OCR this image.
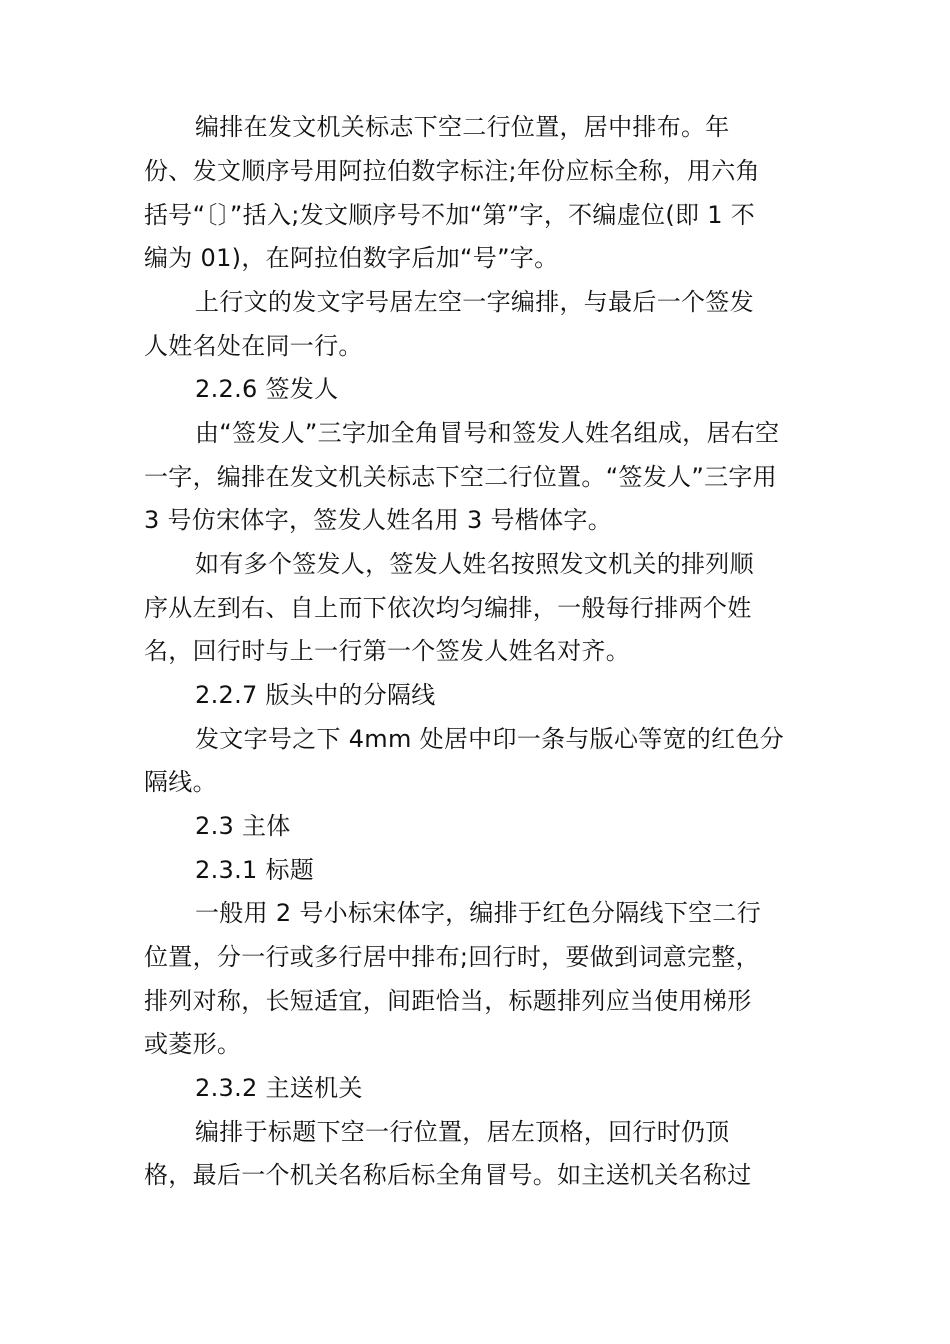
编排在发文机关标志下空二行位置，居中排布。年

份、发文顺序号用阿拉伯数字标注;年份应标全称，用六角

括号“〔〕”括入;发文顺序号不加“第”字，不编虚位(即 1 不

编为 01)，在阿拉伯数字后加“号”字。

上行文的发文字号居左空一字编排，与最后一个签发

人姓名处在同一行。

2.2.6 签发人

由“签发人”三字加全角冒号和签发人姓名组成，居右空

一字，编排在发文机关标志下空二行位置。“签发人”三字用

3 号仿宋体字，签发人姓名用 3 号楷体字。

如有多个签发人，签发人姓名按照发文机关的排列顺

序从左到右、自上而下依次均匀编排，一般每行排两个姓

名，回行时与上一行第一个签发人姓名对齐。

2.2.7 版头中的分隔线

发文字号之下 4mm 处居中印一条与版心等宽的红色分

隔线。

2.3 主体

2.3.1 标题

一般用 2 号小标宋体字，编排于红色分隔线下空二行

位置，分一行或多行居中排布;回行时，要做到词意完整，

排列对称，长短适宜，间距恰当，标题排列应当使用梯形

或菱形。

2.3.2 主送机关

编排于标题下空一行位置，居左顶格，回行时仍顶

格，最后一个机关名称后标全角冒号。如主送机关名称过
